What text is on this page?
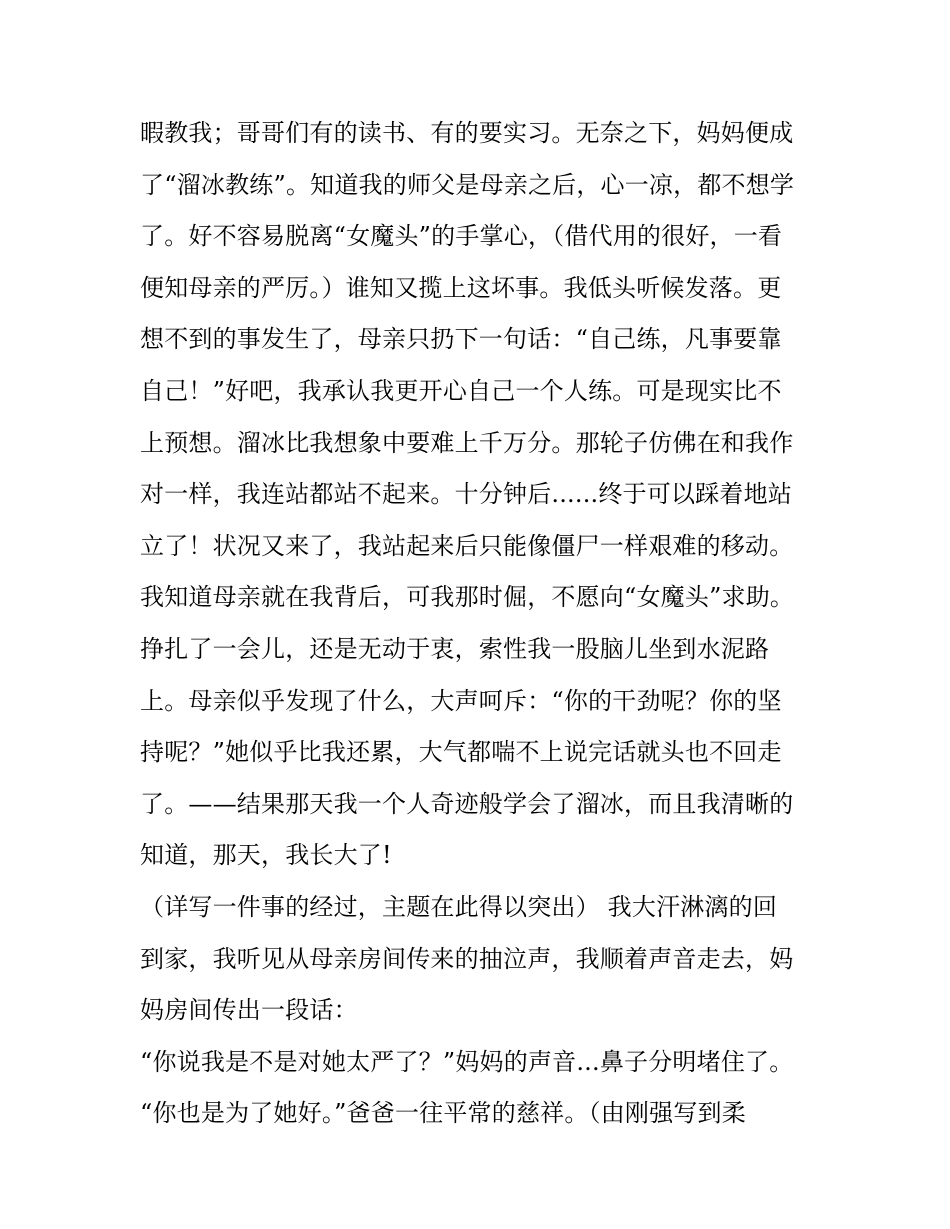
暇教我；哥哥们有的读书、有的要实习。无奈之下，妈妈便成
了“溜冰教练”。知道我的师父是母亲之后，心一凉，都不想学
了。好不容易脱离“女魔头”的手掌心，（借代用的很好，一看
便知母亲的严厉。）谁知又揽上这坏事。我低头听候发落。更
想不到的事发生了，母亲只扔下一句话：“自己练，凡事要靠
自己！”好吧，我承认我更开心自己一个人练。可是现实比不
上预想。溜冰比我想象中要难上千万分。那轮子仿佛在和我作
对一样，我连站都站不起来。十分钟后......终于可以踩着地站
立了！状况又来了，我站起来后只能像僵尸一样艰难的移动。
我知道母亲就在我背后，可我那时倔，不愿向“女魔头”求助。
挣扎了一会儿，还是无动于衷，索性我一股脑儿坐到水泥路
上。母亲似乎发现了什么，大声呵斥：“你的干劲呢？你的坚
持呢？”她似乎比我还累，大气都喘不上说完话就头也不回走
了。——结果那天我一个人奇迹般学会了溜冰，而且我清晰的
知道，那天，我长大了!
（详写一件事的经过，主题在此得以突出） 我大汗淋漓的回
到家，我听见从母亲房间传来的抽泣声，我顺着声音走去，妈
妈房间传出一段话：
“你说我是不是对她太严了？”妈妈的声音...鼻子分明堵住了。
“你也是为了她好。”爸爸一往平常的慈祥。（由刚强写到柔
